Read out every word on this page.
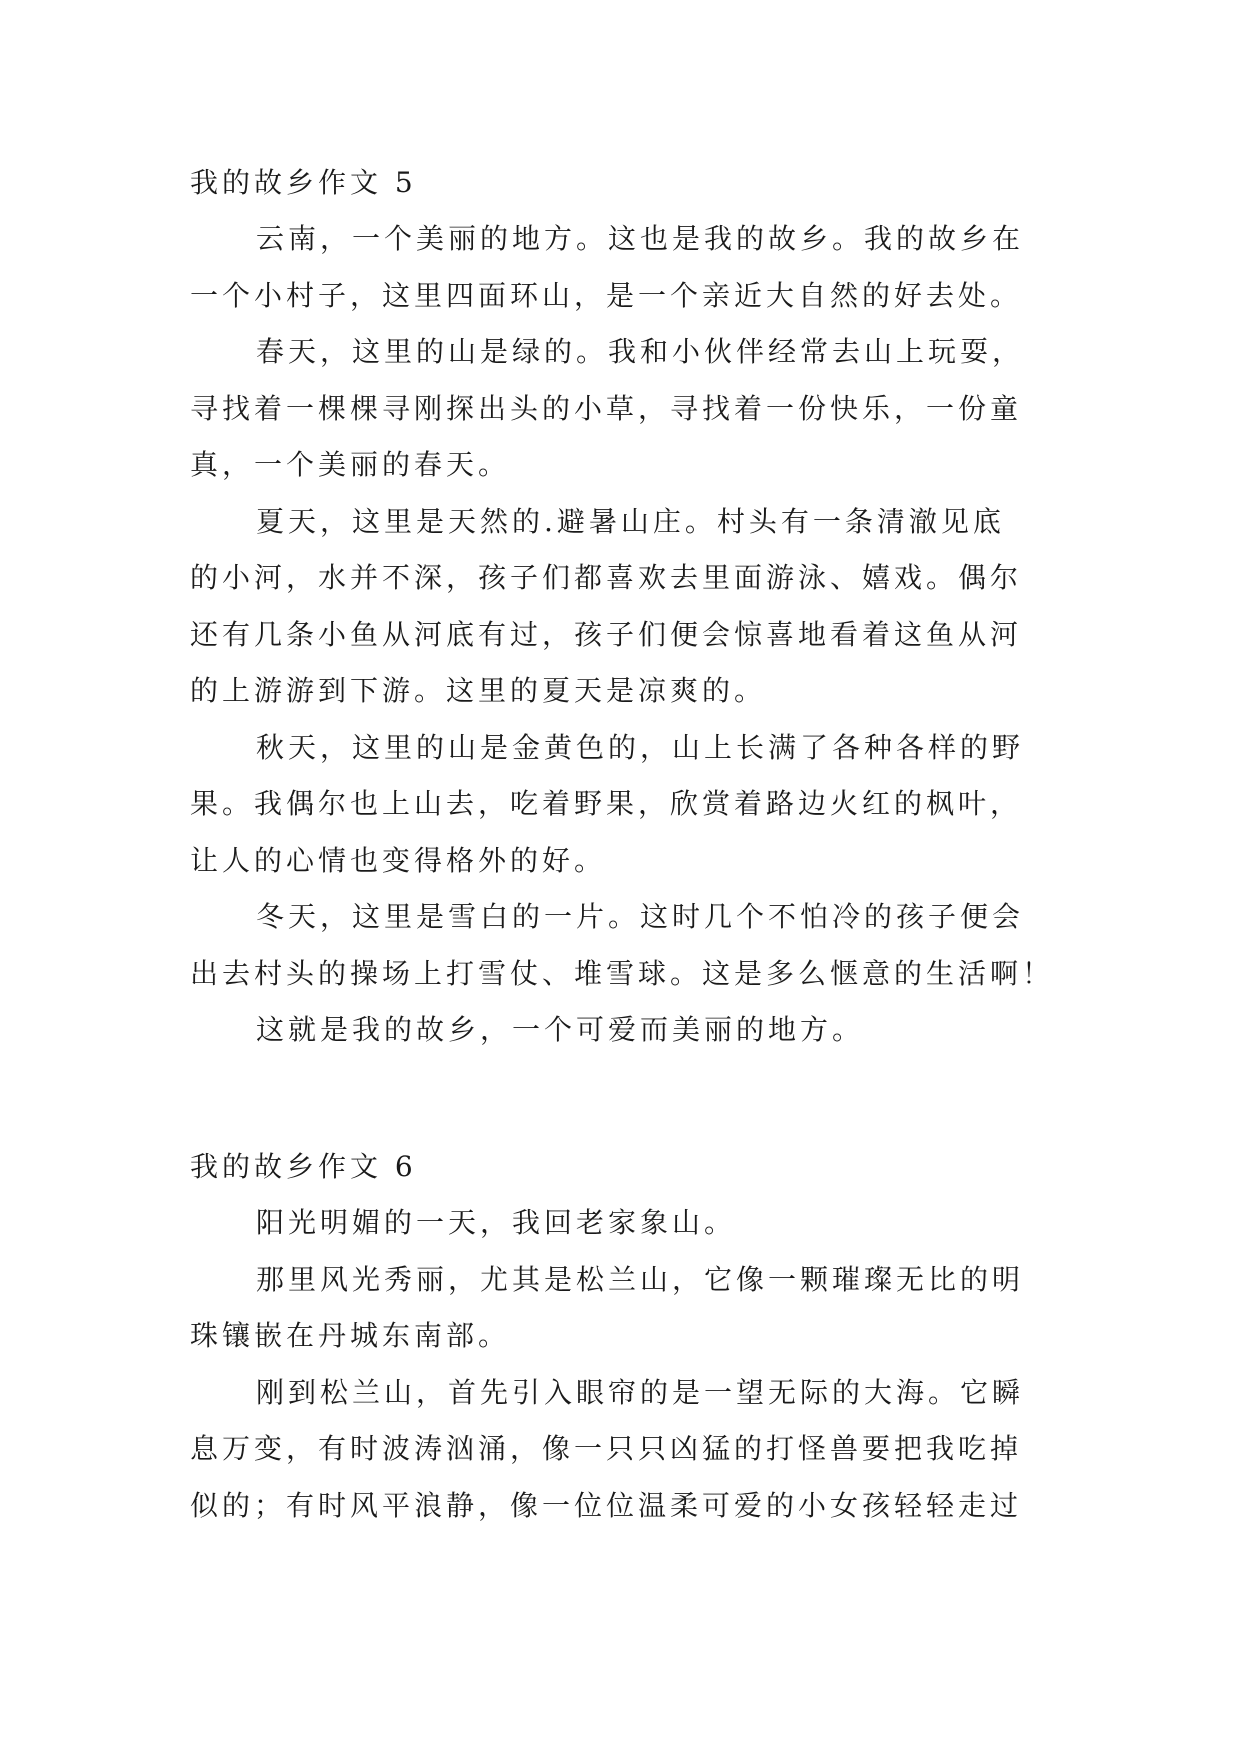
我的故乡作文 5

云南，一个美丽的地方。这也是我的故乡。我的故乡在
一个小村子，这里四面环山，是一个亲近大自然的好去处。

春天，这里的山是绿的。我和小伙伴经常去山上玩耍，
寻找着一棵棵寻刚探出头的小草，寻找着一份快乐，一份童
真，一个美丽的春天。

夏天，这里是天然的.避暑山庄。村头有一条清澈见底
的小河，水并不深，孩子们都喜欢去里面游泳、嬉戏。偶尔
还有几条小鱼从河底有过，孩子们便会惊喜地看着这鱼从河
的上游游到下游。这里的夏天是凉爽的。

秋天，这里的山是金黄色的，山上长满了各种各样的野
果。我偶尔也上山去，吃着野果，欣赏着路边火红的枫叶，
让人的心情也变得格外的好。

冬天，这里是雪白的一片。这时几个不怕冷的孩子便会
出去村头的操场上打雪仗、堆雪球。这是多么惬意的生活啊！

这就是我的故乡，一个可爱而美丽的地方。

我的故乡作文 6

阳光明媚的一天，我回老家象山。

那里风光秀丽，尤其是松兰山，它像一颗璀璨无比的明
珠镶嵌在丹城东南部。

刚到松兰山，首先引入眼帘的是一望无际的大海。它瞬
息万变，有时波涛汹涌，像一只只凶猛的打怪兽要把我吃掉
似的；有时风平浪静，像一位位温柔可爱的小女孩轻轻走过
